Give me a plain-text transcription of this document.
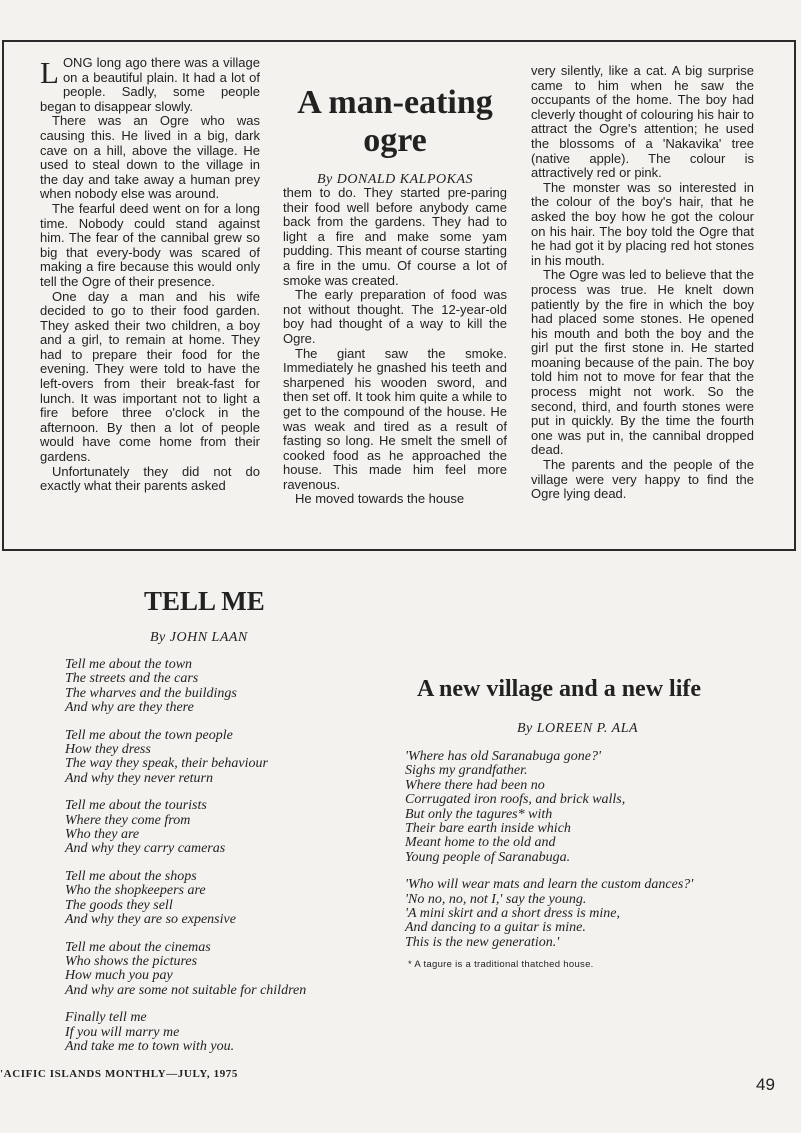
LONG long ago there was a village on a beautiful plain. It had a lot of people. Sadly, some people began to disappear slowly.

There was an Ogre who was causing this. He lived in a big, dark cave on a hill, above the village. He used to steal down to the village in the day and take away a human prey when nobody else was around.

The fearful deed went on for a long time. Nobody could stand against him. The fear of the cannibal grew so big that every-body was scared of making a fire because this would only tell the Ogre of their presence.

One day a man and his wife decided to go to their food garden. They asked their two children, a boy and a girl, to remain at home. They had to prepare their food for the evening. They were told to have the left-overs from their break-fast for lunch. It was important not to light a fire before three o'clock in the afternoon. By then a lot of people would have come home from their gardens.

Unfortunately they did not do exactly what their parents asked

A man-eating
ogre
By DONALD KALPOKAS

them to do. They started pre-paring their food well before anybody came back from the gardens. They had to light a fire and make some yam pudding. This meant of course starting a fire in the umu. Of course a lot of smoke was created.

The early preparation of food was not without thought. The 12-year-old boy had thought of a way to kill the Ogre.

The giant saw the smoke. Immediately he gnashed his teeth and sharpened his wooden sword, and then set off. It took him quite a while to get to the compound of the house. He was weak and tired as a result of fasting so long. He smelt the smell of cooked food as he approached the house. This made him feel more ravenous.

He moved towards the house

very silently, like a cat. A big surprise came to him when he saw the occupants of the home. The boy had cleverly thought of colouring his hair to attract the Ogre's attention; he used the blossoms of a 'Nakavika' tree (native apple). The colour is attractively red or pink.

The monster was so interested in the colour of the boy's hair, that he asked the boy how he got the colour on his hair. The boy told the Ogre that he had got it by placing red hot stones in his mouth.

The Ogre was led to believe that the process was true. He knelt down patiently by the fire in which the boy had placed some stones. He opened his mouth and both the boy and the girl put the first stone in. He started moaning because of the pain. The boy told him not to move for fear that the process might not work. So the second, third, and fourth stones were put in quickly. By the time the fourth one was put in, the cannibal dropped dead.

The parents and the people of the village were very happy to find the Ogre lying dead.

TELL ME
By JOHN LAAN
Tell me about the town
The streets and the cars
The wharves and the buildings
And why are they there
Tell me about the town people
How they dress
The way they speak, their behaviour
And why they never return
Tell me about the tourists
Where they come from
Who they are
And why they carry cameras
Tell me about the shops
Who the shopkeepers are
The goods they sell
And why they are so expensive
Tell me about the cinemas
Who shows the pictures
How much you pay
And why are some not suitable for children
Finally tell me
If you will marry me
And take me to town with you.
A new village and a new life
By LOREEN P. ALA
'Where has old Saranabuga gone?'
Sighs my grandfather.
Where there had been no
Corrugated iron roofs, and brick walls,
But only the tagures* with
Their bare earth inside which
Meant home to the old and
Young people of Saranabuga.
'Who will wear mats and learn the custom dances?'
'No no, no, not I,' say the young.
'A mini skirt and a short dress is mine,
And dancing to a guitar is mine.
This is the new generation.'
* A tagure is a traditional thatched house.
'ACIFIC ISLANDS MONTHLY—JULY, 1975
49
